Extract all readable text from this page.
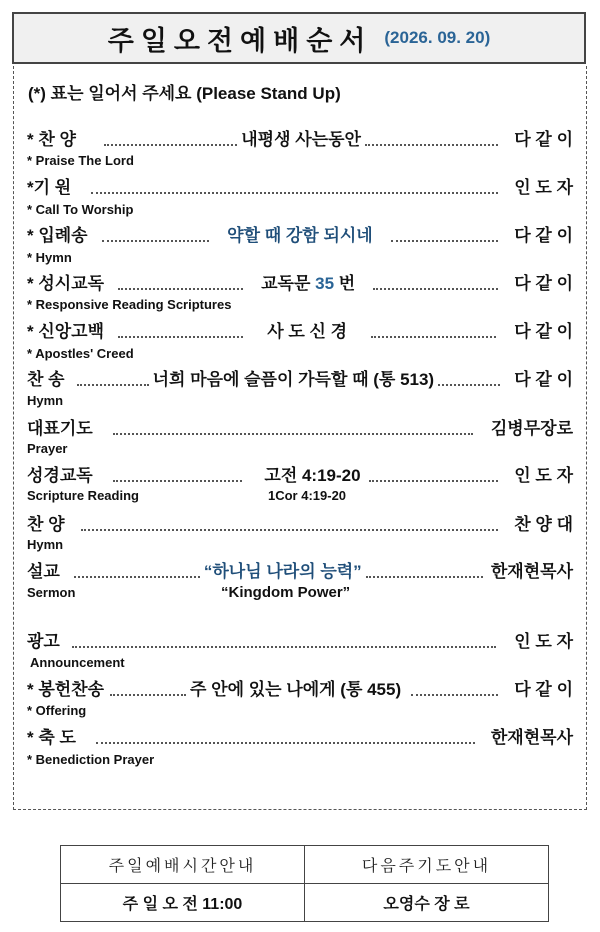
주일오전예배순서 (2026. 09. 20)
(*) 표는 일어서 주세요 (Please Stand Up)
* 찬 양	내평생 사는동안	다 같 이
* Praise The Lord
*기 원	인 도 자
* Call To Worship
* 입례송	약할 때 강함 되시네	다 같 이
* Hymn
* 성시교독	교독문 35 번	다 같 이
* Responsive Reading Scriptures
* 신앙고백	사 도 신 경	다 같 이
* Apostles' Creed
찬 송	너희 마음에 슬픔이 가득할 때 (통 513)	다 같 이
Hymn
대표기도	김병무장로
Prayer
성경교독	고전 4:19-20	인 도 자
Scripture Reading	1Cor 4:19-20
찬 양	찬 양 대
Hymn
설교	“하나님 나라의 능력”	한재현목사
Sermon	“Kingdom Power”
광고	인 도 자
Announcement
* 봉헌찬송	주 안에 있는 나에게 (통 455)	다 같 이
* Offering
* 축 도	한재현목사
* Benediction Prayer
주일예배시간안내	다음주기도안내
주 일 오 전 11:00	오영수 장 로
